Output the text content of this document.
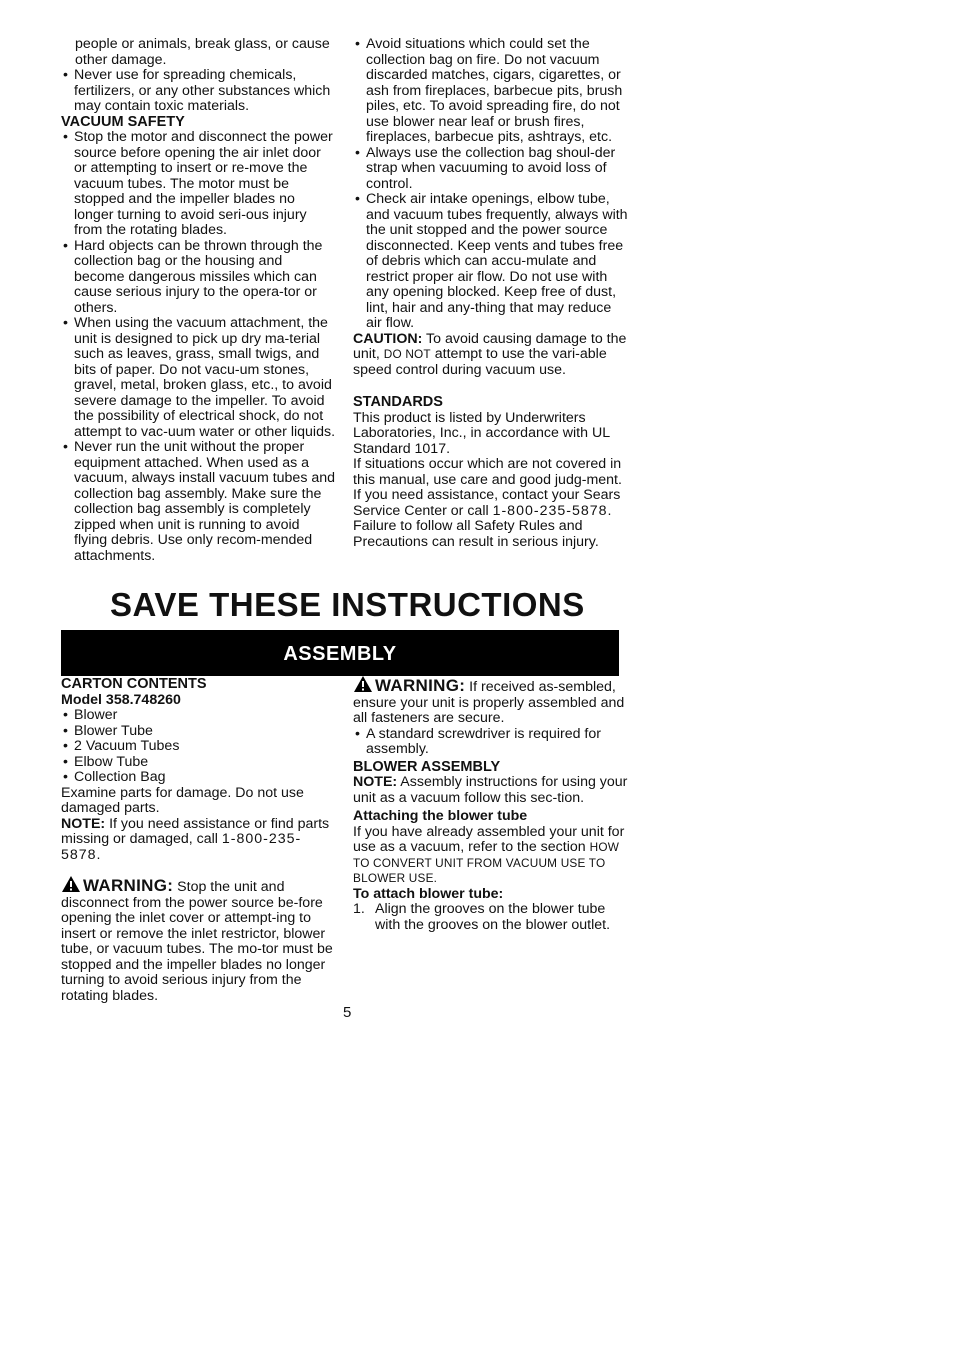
people or animals, break glass, or cause other damage.

• Never use for spreading chemicals, fertilizers, or any other substances which may contain toxic materials.

VACUUM SAFETY

• Stop the motor and disconnect the power source before opening the air inlet door or attempting to insert or re-move the vacuum tubes. The motor must be stopped and the impeller blades no longer turning to avoid seri-ous injury from the rotating blades.
• Hard objects can be thrown through the collection bag or the housing and become dangerous missiles which can cause serious injury to the opera-tor or others.
• When using the vacuum attachment, the unit is designed to pick up dry ma-terial such as leaves, grass, small twigs, and bits of paper. Do not vacu-um stones, gravel, metal, broken glass, etc., to avoid severe damage to the impeller. To avoid the possibility of electrical shock, do not attempt to vac-uum water or other liquids.
• Never run the unit without the proper equipment attached. When used as a vacuum, always install vacuum tubes and collection bag assembly. Make sure the collection bag assembly is completely zipped when unit is running to avoid flying debris. Use only recom-mended attachments.
• Avoid situations which could set the collection bag on fire. Do not vacuum discarded matches, cigars, cigarettes, or ash from fireplaces, barbecue pits, brush piles, etc. To avoid spreading fire, do not use blower near leaf or brush fires, fireplaces, barbecue pits, ashtrays, etc.
• Always use the collection bag shoul-der strap when vacuuming to avoid loss of control.
• Check air intake openings, elbow tube, and vacuum tubes frequently, always with the unit stopped and the power source disconnected. Keep vents and tubes free of debris which can accu-mulate and restrict proper air flow. Do not use with any opening blocked. Keep free of dust, lint, hair and any-thing that may reduce air flow.

CAUTION: To avoid causing damage to the unit, DO NOT attempt to use the vari-able speed control during vacuum use.

STANDARDS

This product is listed by Underwriters Laboratories, Inc., in accordance with UL Standard 1017.

If situations occur which are not covered in this manual, use care and good judg-ment. If you need assistance, contact your Sears Service Center or call 1-800-235-5878. Failure to follow all Safety Rules and Precautions can result in serious injury.

SAVE THESE INSTRUCTIONS
ASSEMBLY

CARTON CONTENTS

Model 358.748260

• Blower
• Blower Tube
• 2 Vacuum Tubes
• Elbow Tube
• Collection Bag

Examine parts for damage. Do not use damaged parts.

NOTE: If you need assistance or find parts missing or damaged, call 1-800-235-5878.

WARNING: Stop the unit and disconnect from the power source be-fore opening the inlet cover or attempt-ing to insert or remove the inlet restrictor, blower tube, or vacuum tubes. The mo-tor must be stopped and the impeller blades no longer turning to avoid serious injury from the rotating blades.

WARNING: If received as-sembled, ensure your unit is properly assembled and all fasteners are secure.

• A standard screwdriver is required for assembly.

BLOWER ASSEMBLY

NOTE: Assembly instructions for using your unit as a vacuum follow this sec-tion.

Attaching the blower tube

If you have already assembled your unit for use as a vacuum, refer to the section HOW TO CONVERT UNIT FROM VACUUM USE TO BLOWER USE.

To attach blower tube:

1. Align the grooves on the blower tube with the grooves on the blower outlet.
5
